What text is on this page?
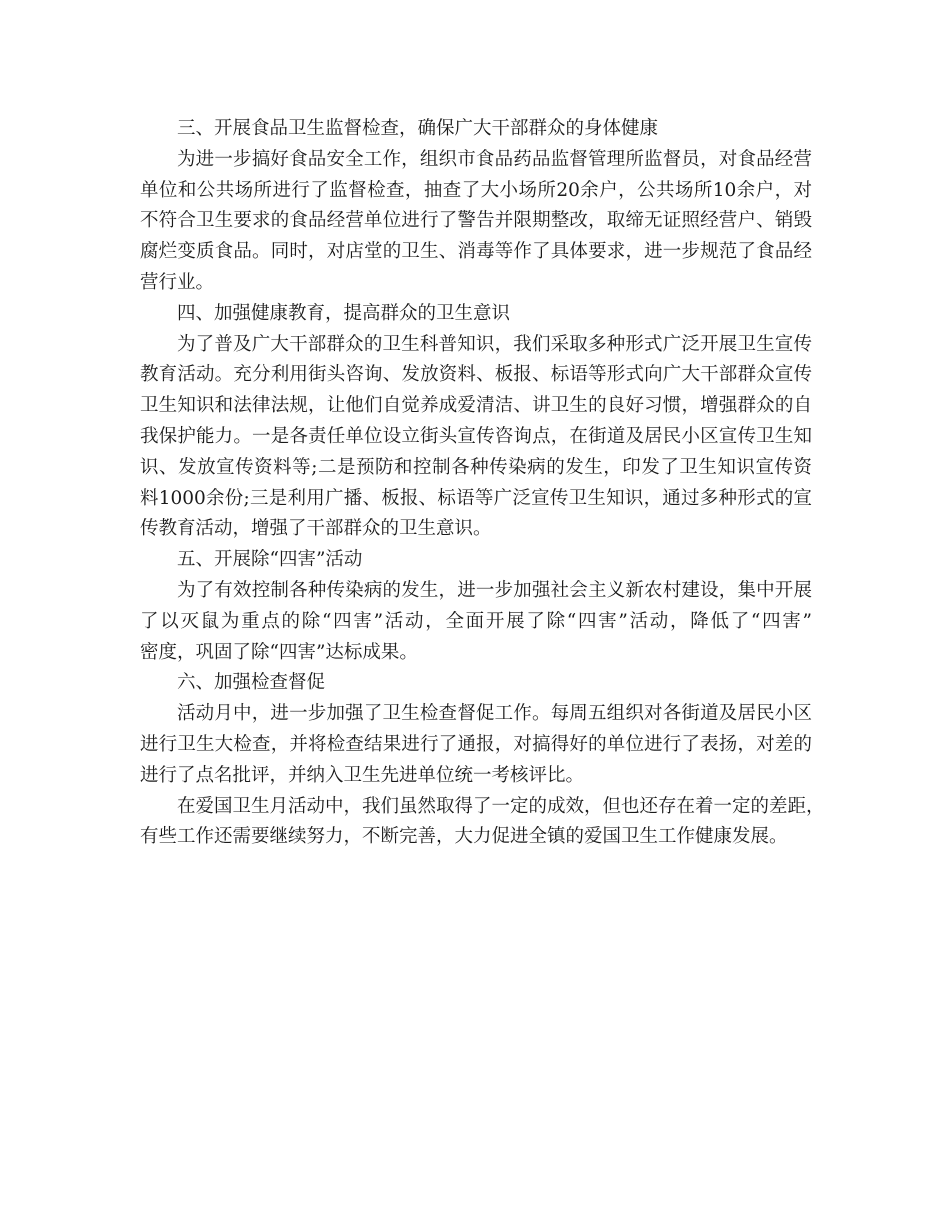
三、开展食品卫生监督检查，确保广大干部群众的身体健康
为进一步搞好食品安全工作，组织市食品药品监督管理所监督员，对食品经营
单位和公共场所进行了监督检查，抽查了大小场所20余户，公共场所10余户，对
不符合卫生要求的食品经营单位进行了警告并限期整改，取缔无证照经营户、销毁
腐烂变质食品。同时，对店堂的卫生、消毒等作了具体要求，进一步规范了食品经
营行业。
四、加强健康教育，提高群众的卫生意识
为了普及广大干部群众的卫生科普知识，我们采取多种形式广泛开展卫生宣传
教育活动。充分利用街头咨询、发放资料、板报、标语等形式向广大干部群众宣传
卫生知识和法律法规，让他们自觉养成爱清洁、讲卫生的良好习惯，增强群众的自
我保护能力。一是各责任单位设立街头宣传咨询点，在街道及居民小区宣传卫生知
识、发放宣传资料等;二是预防和控制各种传染病的发生，印发了卫生知识宣传资
料1000余份;三是利用广播、板报、标语等广泛宣传卫生知识，通过多种形式的宣
传教育活动，增强了干部群众的卫生意识。
五、开展除“四害”活动
为了有效控制各种传染病的发生，进一步加强社会主义新农村建设，集中开展
了以灭鼠为重点的除“四害”活动，全面开展了除“四害”活动，降低了“四害”
密度，巩固了除“四害”达标成果。
六、加强检查督促
活动月中，进一步加强了卫生检查督促工作。每周五组织对各街道及居民小区
进行卫生大检查，并将检查结果进行了通报，对搞得好的单位进行了表扬，对差的
进行了点名批评，并纳入卫生先进单位统一考核评比。
在爱国卫生月活动中，我们虽然取得了一定的成效，但也还存在着一定的差距，
有些工作还需要继续努力，不断完善，大力促进全镇的爱国卫生工作健康发展。
